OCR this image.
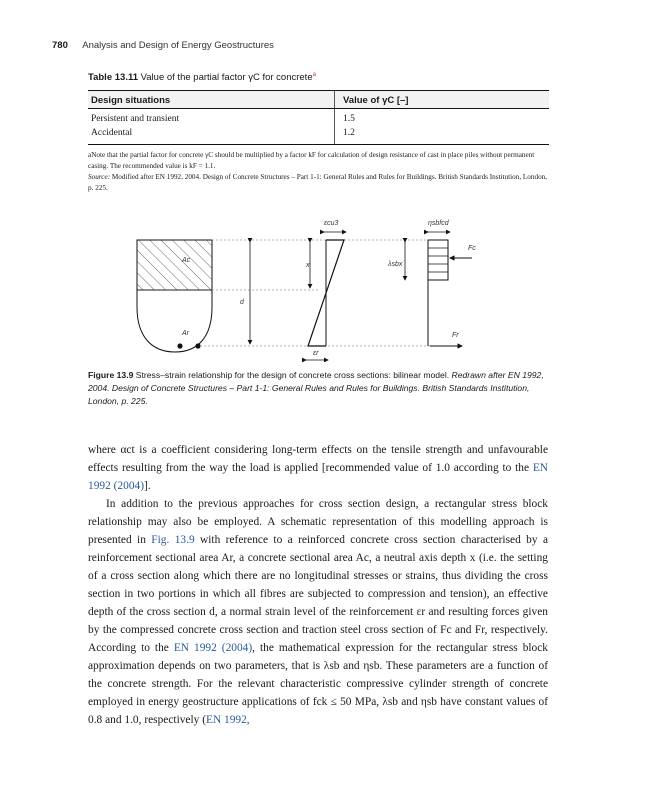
780 Analysis and Design of Energy Geostructures
Table 13.11 Value of the partial factor γC for concrete$^a$
Design situations	Value of γC [–]
Persistent and transient	1.5
Accidental	1.2
aNote that the partial factor for concrete γC should be multiplied by a factor kF for calculation of design resistance of cast in place piles without permanent casing. The recommended value is kF = 1.1.
Source: Modified after EN 1992, 2004. Design of Concrete Structures – Part 1-1: General Rules and Rules for Buildings. British Standards Institution, London, p. 225.
Ac
Ar
d
x
εcu3
εr
λsbx
ηsbfcd
Fc
Fr
Figure 13.9 Stress–strain relationship for the design of concrete cross sections: bilinear model. Redrawn after EN 1992, 2004. Design of Concrete Structures – Part 1-1: General Rules and Rules for Buildings. British Standards Institution, London, p. 225.

where αct is a coefficient considering long-term effects on the tensile strength and unfavourable effects resulting from the way the load is applied [recommended value of 1.0 according to the EN 1992 (2004)].

In addition to the previous approaches for cross section design, a rectangular stress block relationship may also be employed. A schematic representation of this modelling approach is presented in Fig. 13.9 with reference to a reinforced concrete cross section characterised by a reinforcement sectional area Ar, a concrete sectional area Ac, a neutral axis depth x (i.e. the setting of a cross section along which there are no longitudinal stresses or strains, thus dividing the cross section in two portions in which all fibres are subjected to compression and tension), an effective depth of the cross section d, a normal strain level of the reinforcement εr and resulting forces given by the compressed concrete cross section and traction steel cross section of Fc and Fr, respectively. According to the EN 1992 (2004), the mathematical expression for the rectangular stress block approximation depends on two parameters, that is λsb and ηsb. These parameters are a function of the concrete strength. For the relevant characteristic compressive cylinder strength of concrete employed in energy geostructure applications of fck ≤ 50 MPa, λsb and ηsb have constant values of 0.8 and 1.0, respectively (EN 1992,
